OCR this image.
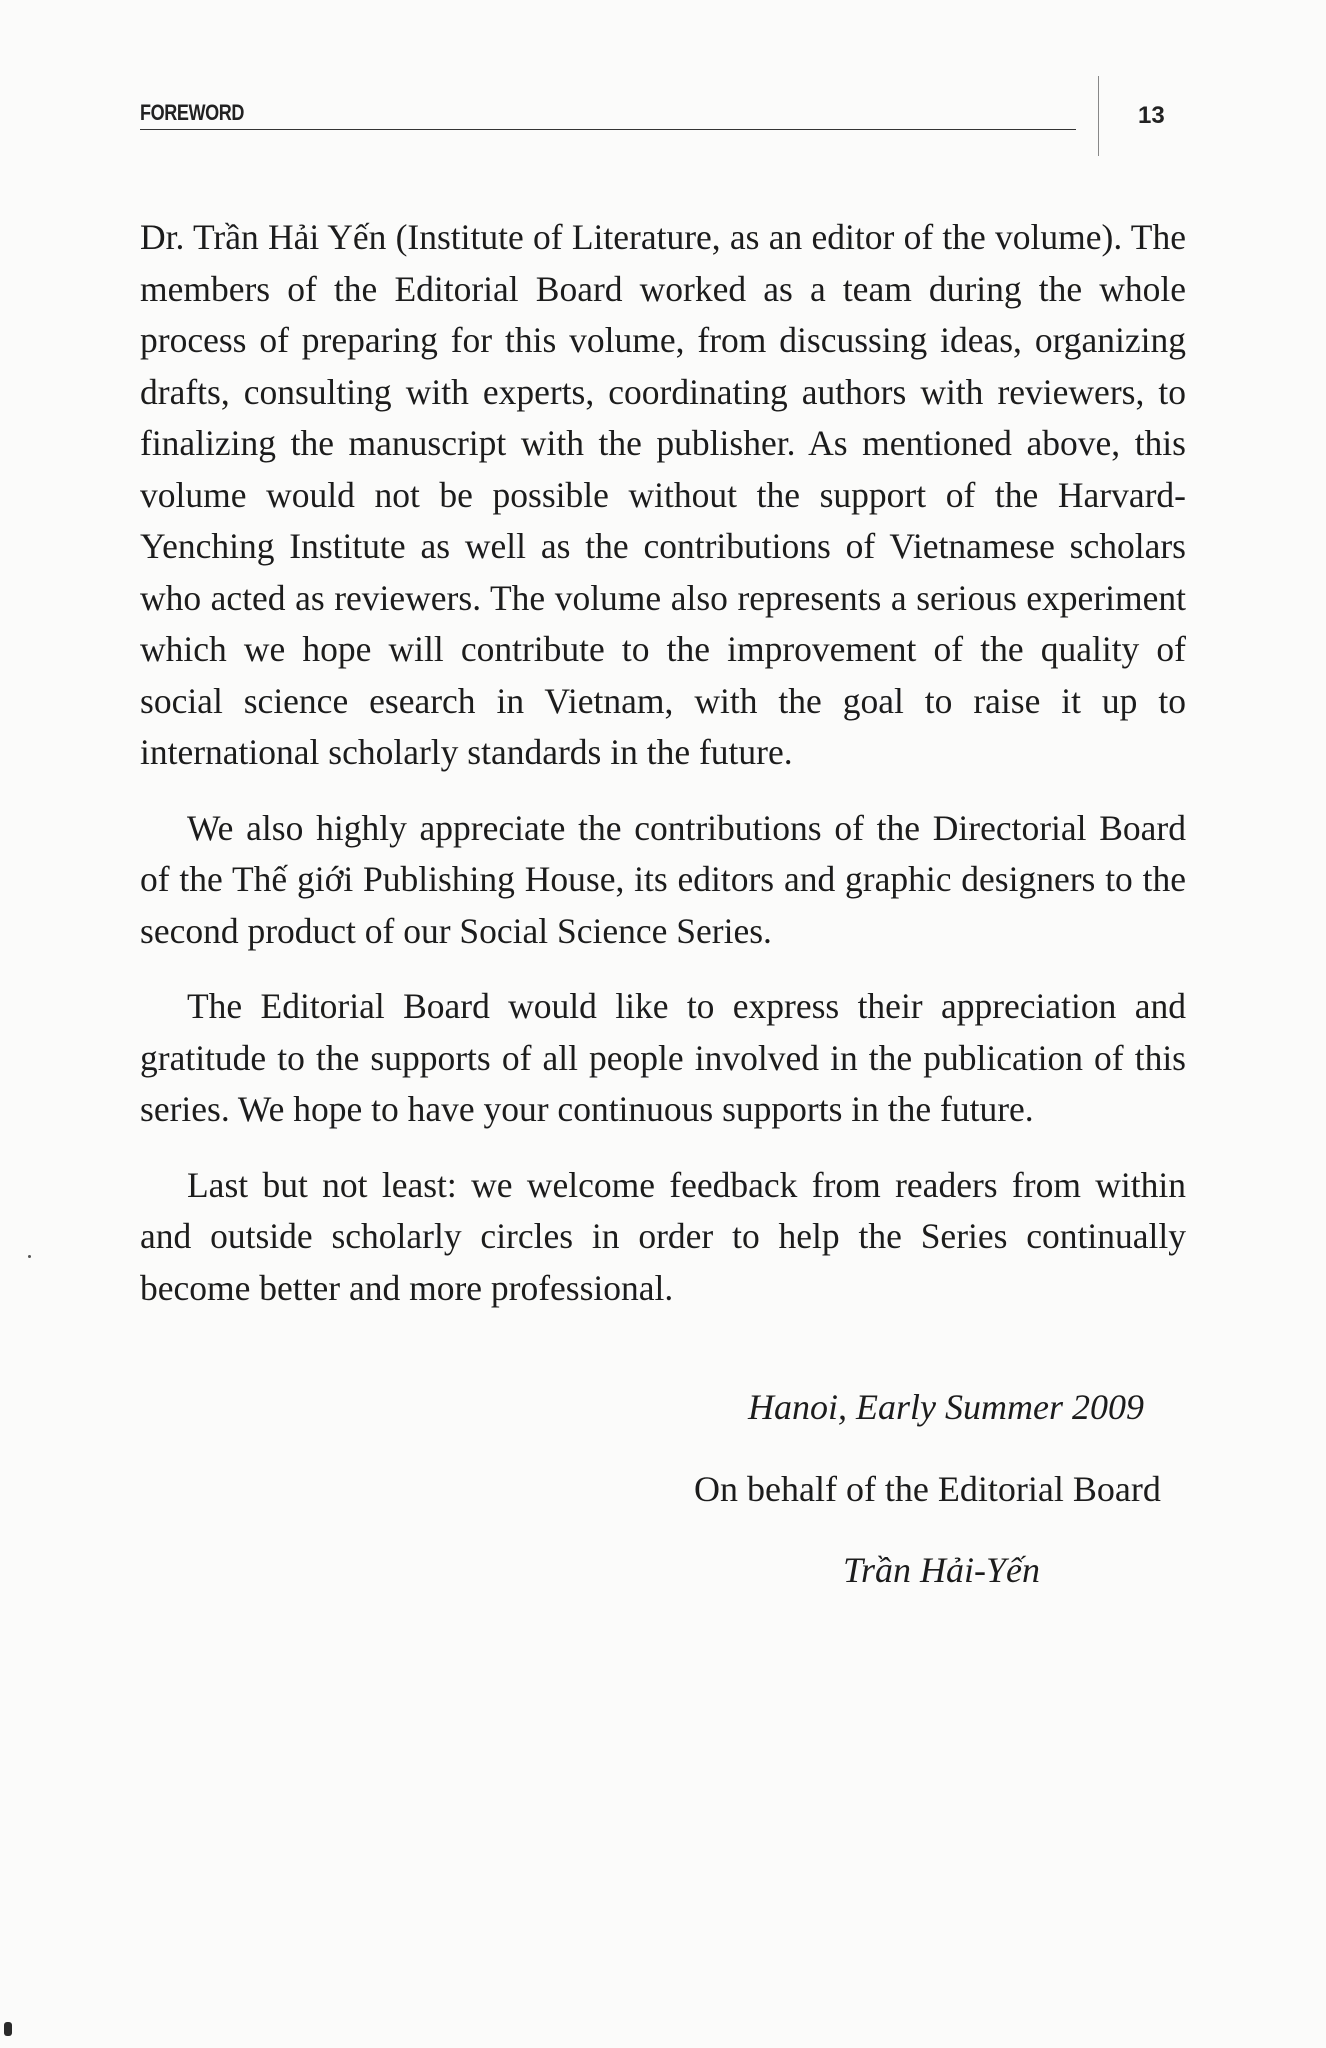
FOREWORD	13

Dr. Trần Hải Yến (Institute of Literature, as an editor of the volume). The members of the Editorial Board worked as a team during the whole process of preparing for this volume, from discussing ideas, organizing drafts, consulting with experts, coordinating authors with reviewers, to finalizing the manuscript with the publisher. As mentioned above, this volume would not be possible without the support of the Harvard-Yenching Institute as well as the contributions of Vietnamese scholars who acted as reviewers. The volume also represents a serious experiment which we hope will contribute to the improvement of the quality of social science esearch in Vietnam, with the goal to raise it up to international scholarly standards in the future.

We also highly appreciate the contributions of the Directorial Board of the Thế giới Publishing House, its editors and graphic designers to the second product of our Social Science Series.

The Editorial Board would like to express their appreciation and gratitude to the supports of all people involved in the publication of this series. We hope to have your continuous supports in the future.

Last but not least: we welcome feedback from readers from within and outside scholarly circles in order to help the Series continually become better and more professional.

Hanoi, Early Summer 2009
On behalf of the Editorial Board
Trần Hải-Yến
